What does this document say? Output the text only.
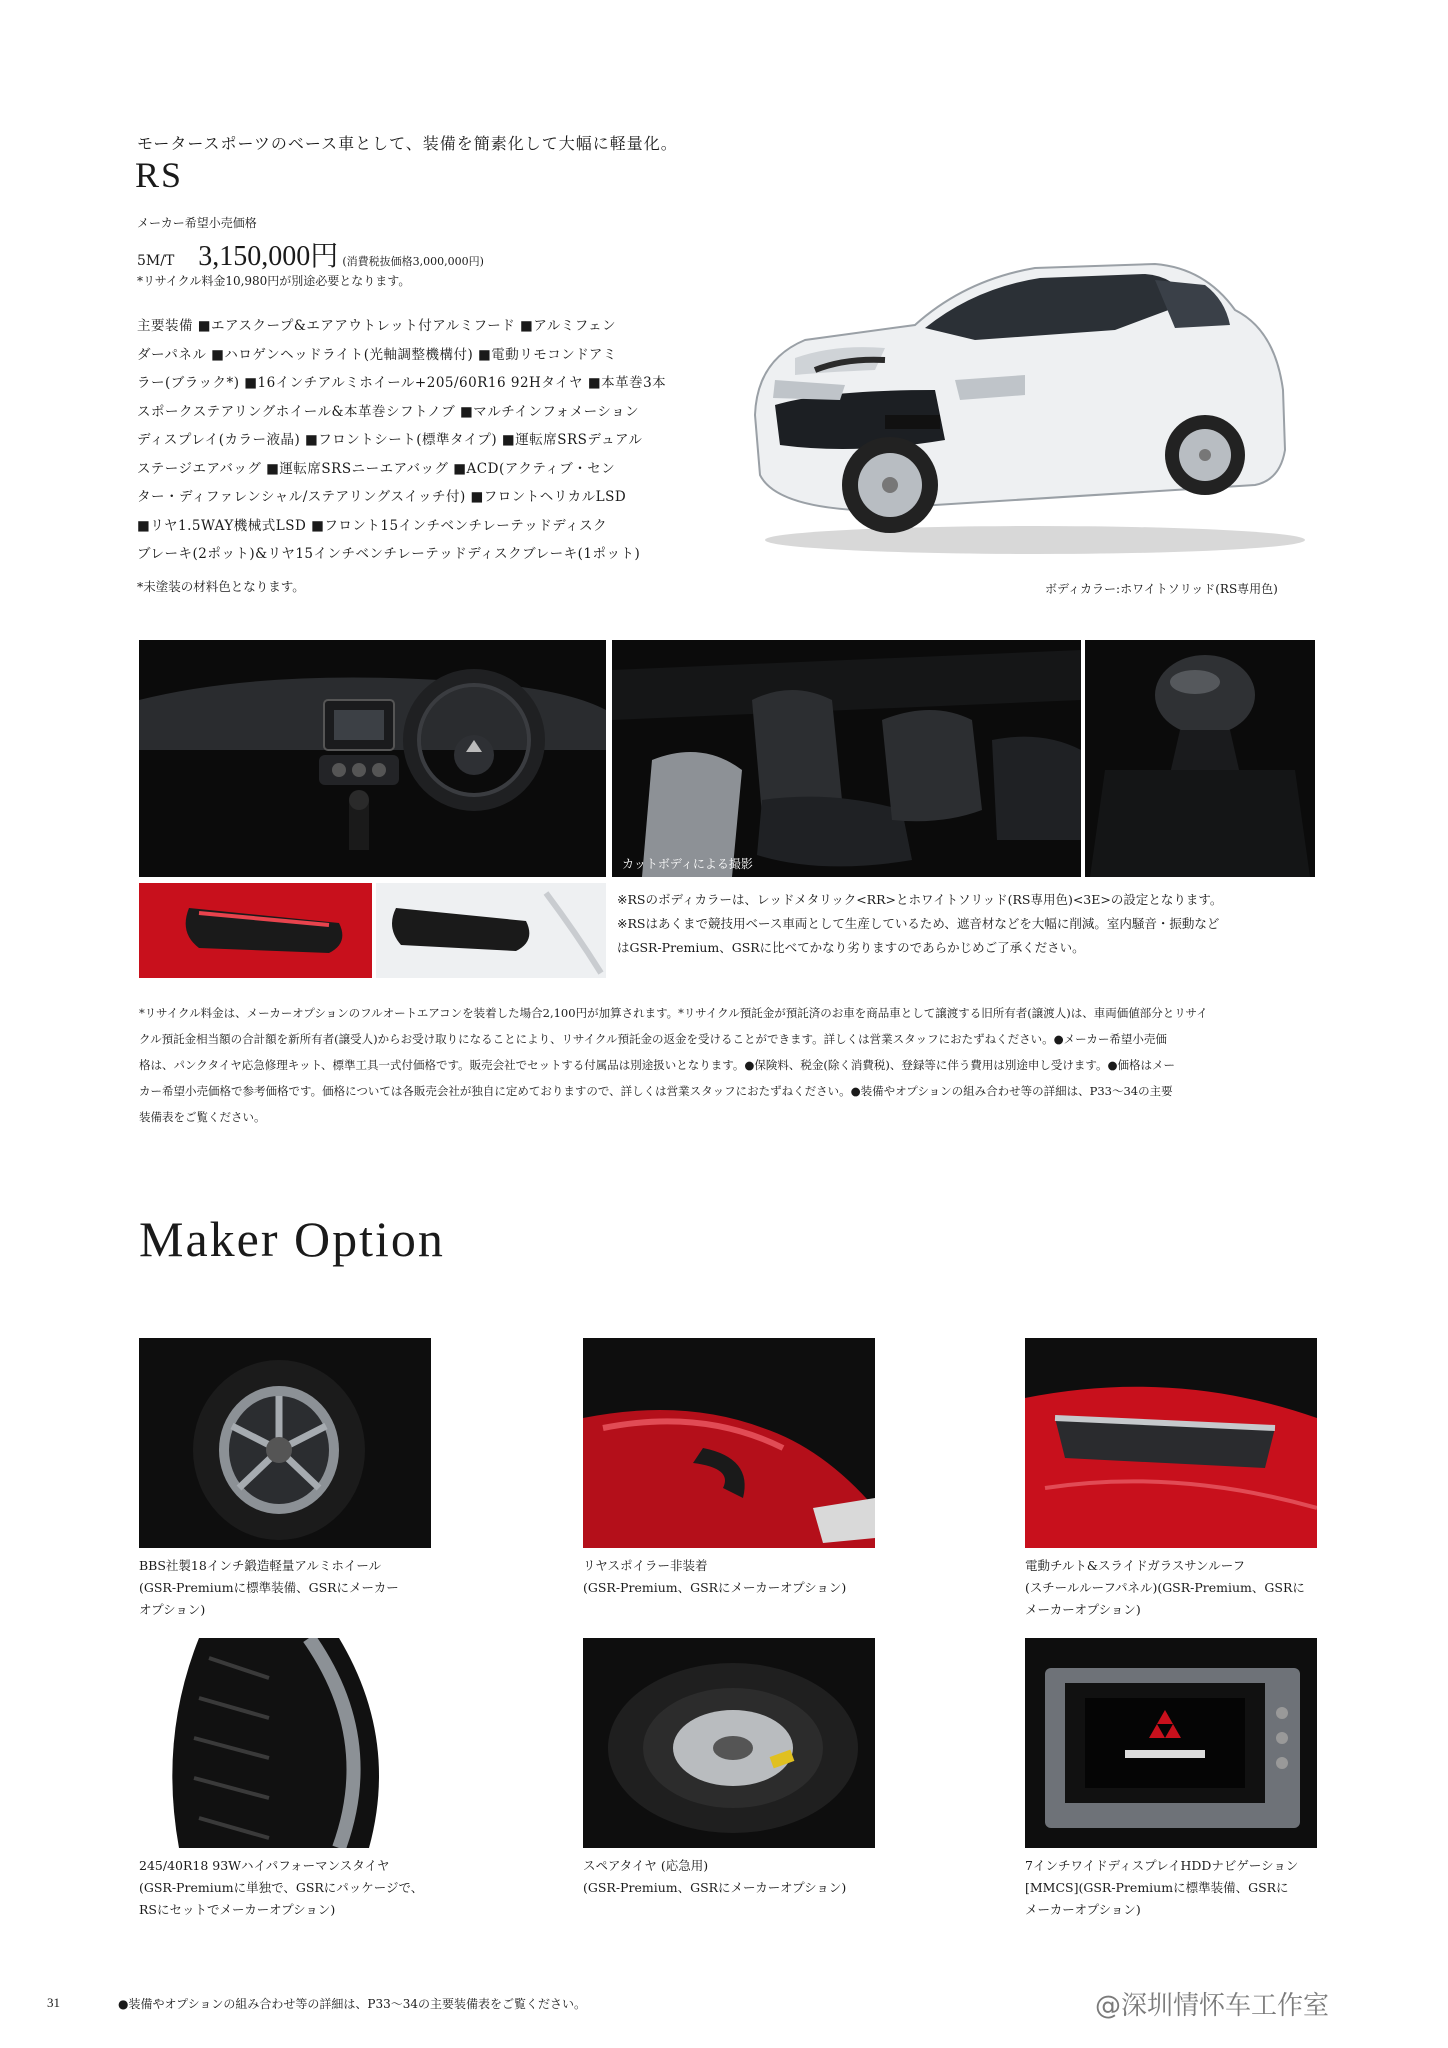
モータースポーツのベース車として、装備を簡素化して大幅に軽量化。
RS
メーカー希望小売価格
5M/T 3,150,000円 (消費税抜価格3,000,000円)
*リサイクル料金10,980円が別途必要となります。
主要装備 ■エアスクープ&エアアウトレット付アルミフード ■アルミフェン
ダーパネル ■ハロゲンヘッドライト(光軸調整機構付) ■電動リモコンドアミ
ラー(ブラック*) ■16インチアルミホイール+205/60R16 92Hタイヤ ■本革巻3本
スポークステアリングホイール&本革巻シフトノブ ■マルチインフォメーション
ディスプレイ(カラー液晶) ■フロントシート(標準タイプ) ■運転席SRSデュアル
ステージエアバッグ ■運転席SRSニーエアバッグ ■ACD(アクティブ・セン
ター・ディファレンシャル/ステアリングスイッチ付) ■フロントヘリカルLSD
■リヤ1.5WAY機械式LSD ■フロント15インチベンチレーテッドディスク
ブレーキ(2ポット)&リヤ15インチベンチレーテッドディスクブレーキ(1ポット)
*未塗装の材料色となります。	ボディカラー:ホワイトソリッド(RS専用色)
カットボディによる撮影
※RSのボディカラーは、レッドメタリック<RR>とホワイトソリッド(RS専用色)<3E>の設定となります。
※RSはあくまで競技用ベース車両として生産しているため、遮音材などを大幅に削減。室内騒音・振動など
はGSR-Premium、GSRに比べてかなり劣りますのであらかじめご了承ください。
*リサイクル料金は、メーカーオプションのフルオートエアコンを装着した場合2,100円が加算されます。*リサイクル預託金が預託済のお車を商品車として譲渡する旧所有者(譲渡人)は、車両価値部分とリサイ
クル預託金相当額の合計額を新所有者(譲受人)からお受け取りになることにより、リサイクル預託金の返金を受けることができます。詳しくは営業スタッフにおたずねください。●メーカー希望小売価
格は、パンクタイヤ応急修理キット、標準工具一式付価格です。販売会社でセットする付属品は別途扱いとなります。●保険料、税金(除く消費税)、登録等に伴う費用は別途申し受けます。●価格はメー
カー希望小売価格で参考価格です。価格については各販売会社が独自に定めておりますので、詳しくは営業スタッフにおたずねください。●装備やオプションの組み合わせ等の詳細は、P33〜34の主要
装備表をご覧ください。
Maker Option
BBS社製18インチ鍛造軽量アルミホイール
(GSR-Premiumに標準装備、GSRにメーカー
オプション)
リヤスポイラー非装着
(GSR-Premium、GSRにメーカーオプション)
電動チルト&スライドガラスサンルーフ
(スチールルーフパネル)(GSR-Premium、GSRに
メーカーオプション)
245/40R18 93Wハイパフォーマンスタイヤ
(GSR-Premiumに単独で、GSRにパッケージで、
RSにセットでメーカーオプション)
スペアタイヤ (応急用)
(GSR-Premium、GSRにメーカーオプション)
7インチワイドディスプレイHDDナビゲーション
[MMCS](GSR-Premiumに標準装備、GSRに
メーカーオプション)
31	●装備やオプションの組み合わせ等の詳細は、P33〜34の主要装備表をご覧ください。	@深圳情怀车工作室
